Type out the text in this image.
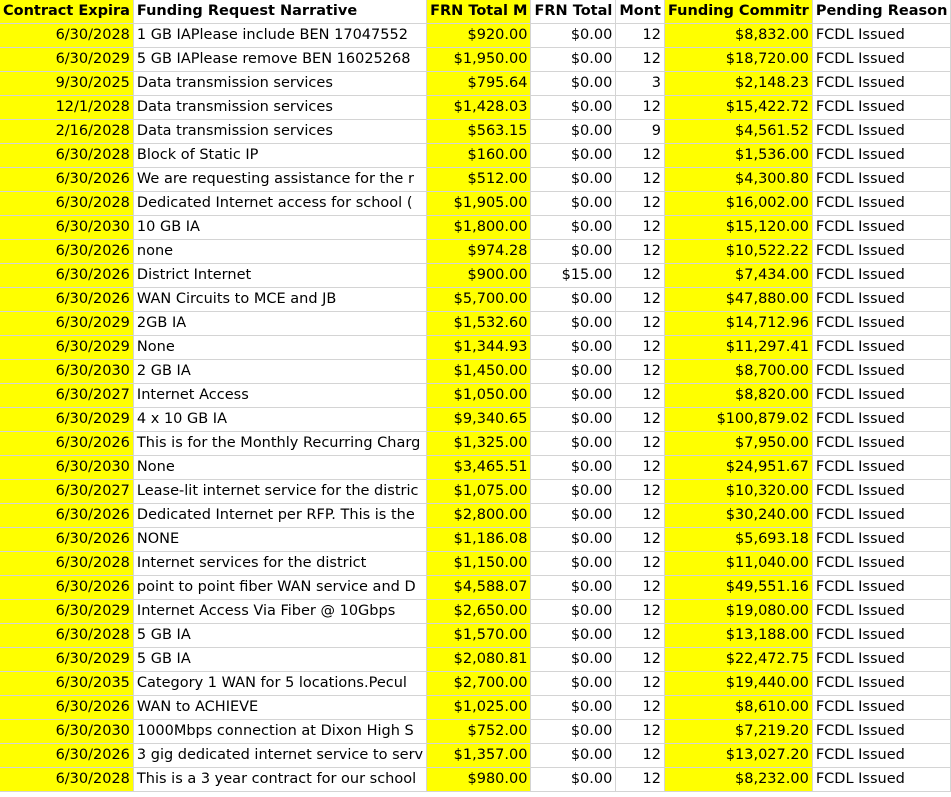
Contract Expira	Funding Request Narrative	FRN Total M	FRN Total	Mont	Funding Commitr	Pending Reason
6/30/2028	1 GB IAPlease include BEN 17047552	$920.00	$0.00	12	$8,832.00	FCDL Issued
6/30/2029	5 GB IAPlease remove BEN 16025268	$1,950.00	$0.00	12	$18,720.00	FCDL Issued
9/30/2025	Data transmission services	$795.64	$0.00	3	$2,148.23	FCDL Issued
12/1/2028	Data transmission services	$1,428.03	$0.00	12	$15,422.72	FCDL Issued
2/16/2028	Data transmission services	$563.15	$0.00	9	$4,561.52	FCDL Issued
6/30/2028	Block of Static IP	$160.00	$0.00	12	$1,536.00	FCDL Issued
6/30/2026	We are requesting assistance for the r	$512.00	$0.00	12	$4,300.80	FCDL Issued
6/30/2028	Dedicated Internet access for school (	$1,905.00	$0.00	12	$16,002.00	FCDL Issued
6/30/2030	10 GB IA	$1,800.00	$0.00	12	$15,120.00	FCDL Issued
6/30/2026	none	$974.28	$0.00	12	$10,522.22	FCDL Issued
6/30/2026	District Internet	$900.00	$15.00	12	$7,434.00	FCDL Issued
6/30/2026	WAN Circuits to MCE and JB	$5,700.00	$0.00	12	$47,880.00	FCDL Issued
6/30/2029	2GB IA	$1,532.60	$0.00	12	$14,712.96	FCDL Issued
6/30/2029	None	$1,344.93	$0.00	12	$11,297.41	FCDL Issued
6/30/2030	2 GB IA	$1,450.00	$0.00	12	$8,700.00	FCDL Issued
6/30/2027	Internet Access	$1,050.00	$0.00	12	$8,820.00	FCDL Issued
6/30/2029	4 x 10 GB IA	$9,340.65	$0.00	12	$100,879.02	FCDL Issued
6/30/2026	This is for the Monthly Recurring Charg	$1,325.00	$0.00	12	$7,950.00	FCDL Issued
6/30/2030	None	$3,465.51	$0.00	12	$24,951.67	FCDL Issued
6/30/2027	Lease-lit internet service for the distric	$1,075.00	$0.00	12	$10,320.00	FCDL Issued
6/30/2026	Dedicated Internet per RFP. This is the	$2,800.00	$0.00	12	$30,240.00	FCDL Issued
6/30/2026	NONE	$1,186.08	$0.00	12	$5,693.18	FCDL Issued
6/30/2028	Internet services for the district	$1,150.00	$0.00	12	$11,040.00	FCDL Issued
6/30/2026	point to point fiber WAN service and D	$4,588.07	$0.00	12	$49,551.16	FCDL Issued
6/30/2029	Internet Access Via Fiber @ 10Gbps	$2,650.00	$0.00	12	$19,080.00	FCDL Issued
6/30/2028	5 GB IA	$1,570.00	$0.00	12	$13,188.00	FCDL Issued
6/30/2029	5 GB IA	$2,080.81	$0.00	12	$22,472.75	FCDL Issued
6/30/2035	Category 1 WAN for 5 locations.Pecul	$2,700.00	$0.00	12	$19,440.00	FCDL Issued
6/30/2026	WAN to ACHIEVE	$1,025.00	$0.00	12	$8,610.00	FCDL Issued
6/30/2030	1000Mbps connection at Dixon High S	$752.00	$0.00	12	$7,219.20	FCDL Issued
6/30/2026	3 gig dedicated internet service to serv	$1,357.00	$0.00	12	$13,027.20	FCDL Issued
6/30/2028	This is a 3 year contract for our school	$980.00	$0.00	12	$8,232.00	FCDL Issued
